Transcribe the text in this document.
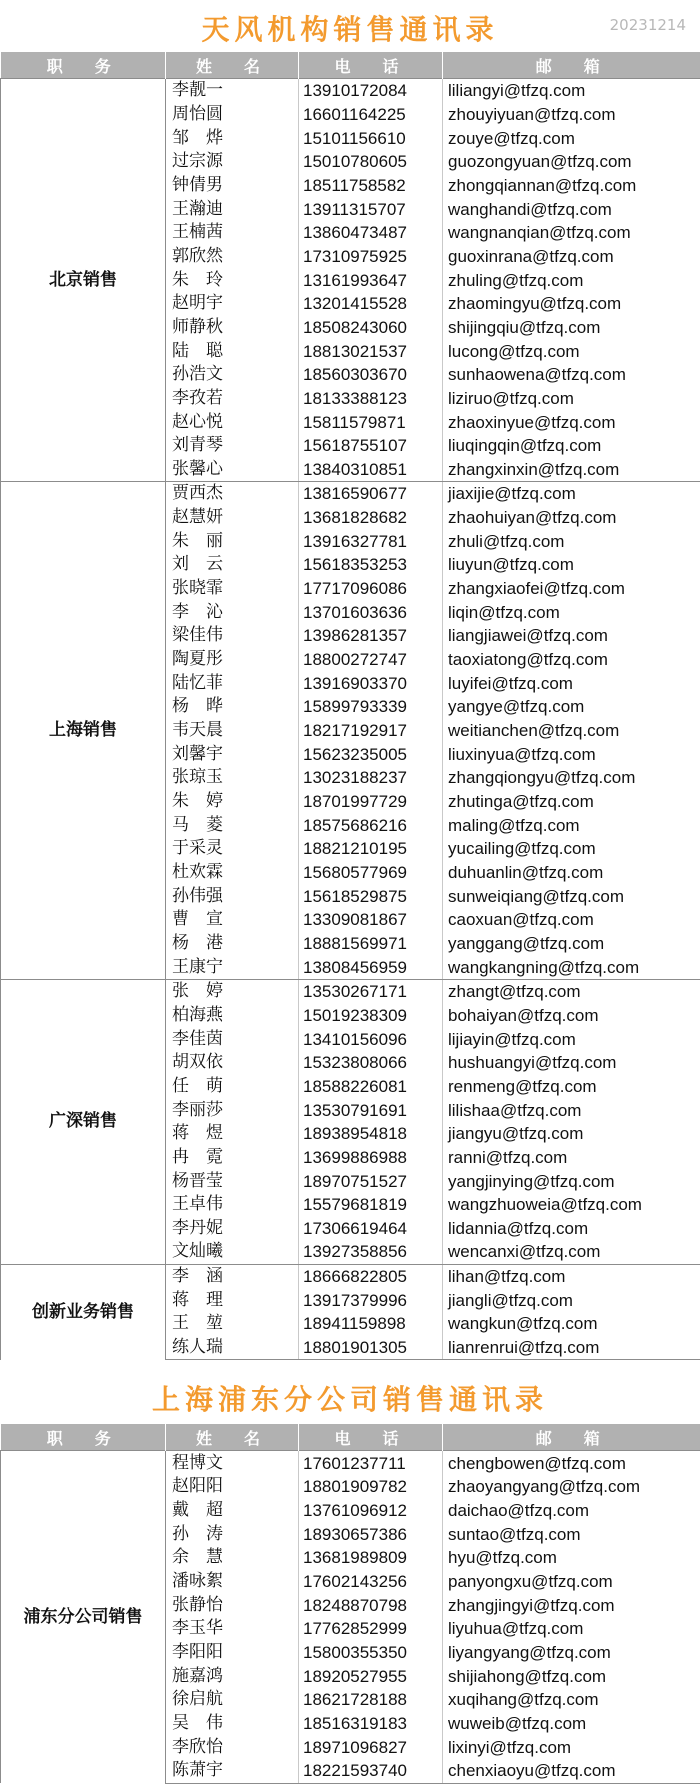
天风机构销售通讯录	20231214
职　务	姓　名	电　话	邮　箱
北京销售	李靓一	13910172084	liliangyi@tfzq.com
	周怡圆	16601164225	zhouyiyuan@tfzq.com
	邹　烨	15101156610	zouye@tfzq.com
	过宗源	15010780605	guozongyuan@tfzq.com
	钟倩男	18511758582	zhongqiannan@tfzq.com
	王瀚迪	13911315707	wanghandi@tfzq.com
	王楠茜	13860473487	wangnanqian@tfzq.com
	郭欣然	17310975925	guoxinrana@tfzq.com
	朱　玲	13161993647	zhuling@tfzq.com
	赵明宇	13201415528	zhaomingyu@tfzq.com
	师静秋	18508243060	shijingqiu@tfzq.com
	陆　聪	18813021537	lucong@tfzq.com
	孙浩文	18560303670	sunhaowena@tfzq.com
	李孜若	18133388123	liziruo@tfzq.com
	赵心悦	15811579871	zhaoxinyue@tfzq.com
	刘青琴	15618755107	liuqingqin@tfzq.com
	张馨心	13840310851	zhangxinxin@tfzq.com
上海销售	贾西杰	13816590677	jiaxijie@tfzq.com
	赵慧妍	13681828682	zhaohuiyan@tfzq.com
	朱　丽	13916327781	zhuli@tfzq.com
	刘　云	15618353253	liuyun@tfzq.com
	张晓霏	17717096086	zhangxiaofei@tfzq.com
	李　沁	13701603636	liqin@tfzq.com
	梁佳伟	13986281357	liangjiawei@tfzq.com
	陶夏彤	18800272747	taoxiatong@tfzq.com
	陆忆菲	13916903370	luyifei@tfzq.com
	杨　晔	15899793339	yangye@tfzq.com
	韦天晨	18217192917	weitianchen@tfzq.com
	刘馨宇	15623235005	liuxinyua@tfzq.com
	张琼玉	13023188237	zhangqiongyu@tfzq.com
	朱　婷	18701997729	zhutinga@tfzq.com
	马　菱	18575686216	maling@tfzq.com
	于采灵	18821210195	yucailing@tfzq.com
	杜欢霖	15680577969	duhuanlin@tfzq.com
	孙伟强	15618529875	sunweiqiang@tfzq.com
	曹　宣	13309081867	caoxuan@tfzq.com
	杨　港	18881569971	yanggang@tfzq.com
	王康宁	13808456959	wangkangning@tfzq.com
广深销售	张　婷	13530267171	zhangt@tfzq.com
	柏海燕	15019238309	bohaiyan@tfzq.com
	李佳茵	13410156096	lijiayin@tfzq.com
	胡双依	15323808066	hushuangyi@tfzq.com
	任　萌	18588226081	renmeng@tfzq.com
	李丽莎	13530791691	lilishaa@tfzq.com
	蒋　煜	18938954818	jiangyu@tfzq.com
	冉　霓	13699886988	ranni@tfzq.com
	杨晋莹	18970751527	yangjinying@tfzq.com
	王卓伟	15579681819	wangzhuoweia@tfzq.com
	李丹妮	17306619464	lidannia@tfzq.com
	文灿曦	13927358856	wencanxi@tfzq.com
创新业务销售	李　涵	18666822805	lihan@tfzq.com
	蒋　理	13917379996	jiangli@tfzq.com
	王　堃	18941159898	wangkun@tfzq.com
	练人瑞	18801901305	lianrenrui@tfzq.com
上海浦东分公司销售通讯录
职　务	姓　名	电　话	邮　箱
浦东分公司销售	程博文	17601237711	chengbowen@tfzq.com
	赵阳阳	18801909782	zhaoyangyang@tfzq.com
	戴　超	13761096912	daichao@tfzq.com
	孙　涛	18930657386	suntao@tfzq.com
	余　慧	13681989809	hyu@tfzq.com
	潘咏絮	17602143256	panyongxu@tfzq.com
	张静怡	18248870798	zhangjingyi@tfzq.com
	李玉华	17762852999	liyuhua@tfzq.com
	李阳阳	15800355350	liyangyang@tfzq.com
	施嘉鸿	18920527955	shijiahong@tfzq.com
	徐启航	18621728188	xuqihang@tfzq.com
	吴　伟	18516319183	wuweib@tfzq.com
	李欣怡	18971096827	lixinyi@tfzq.com
	陈萧宇	18221593740	chenxiaoyu@tfzq.com
